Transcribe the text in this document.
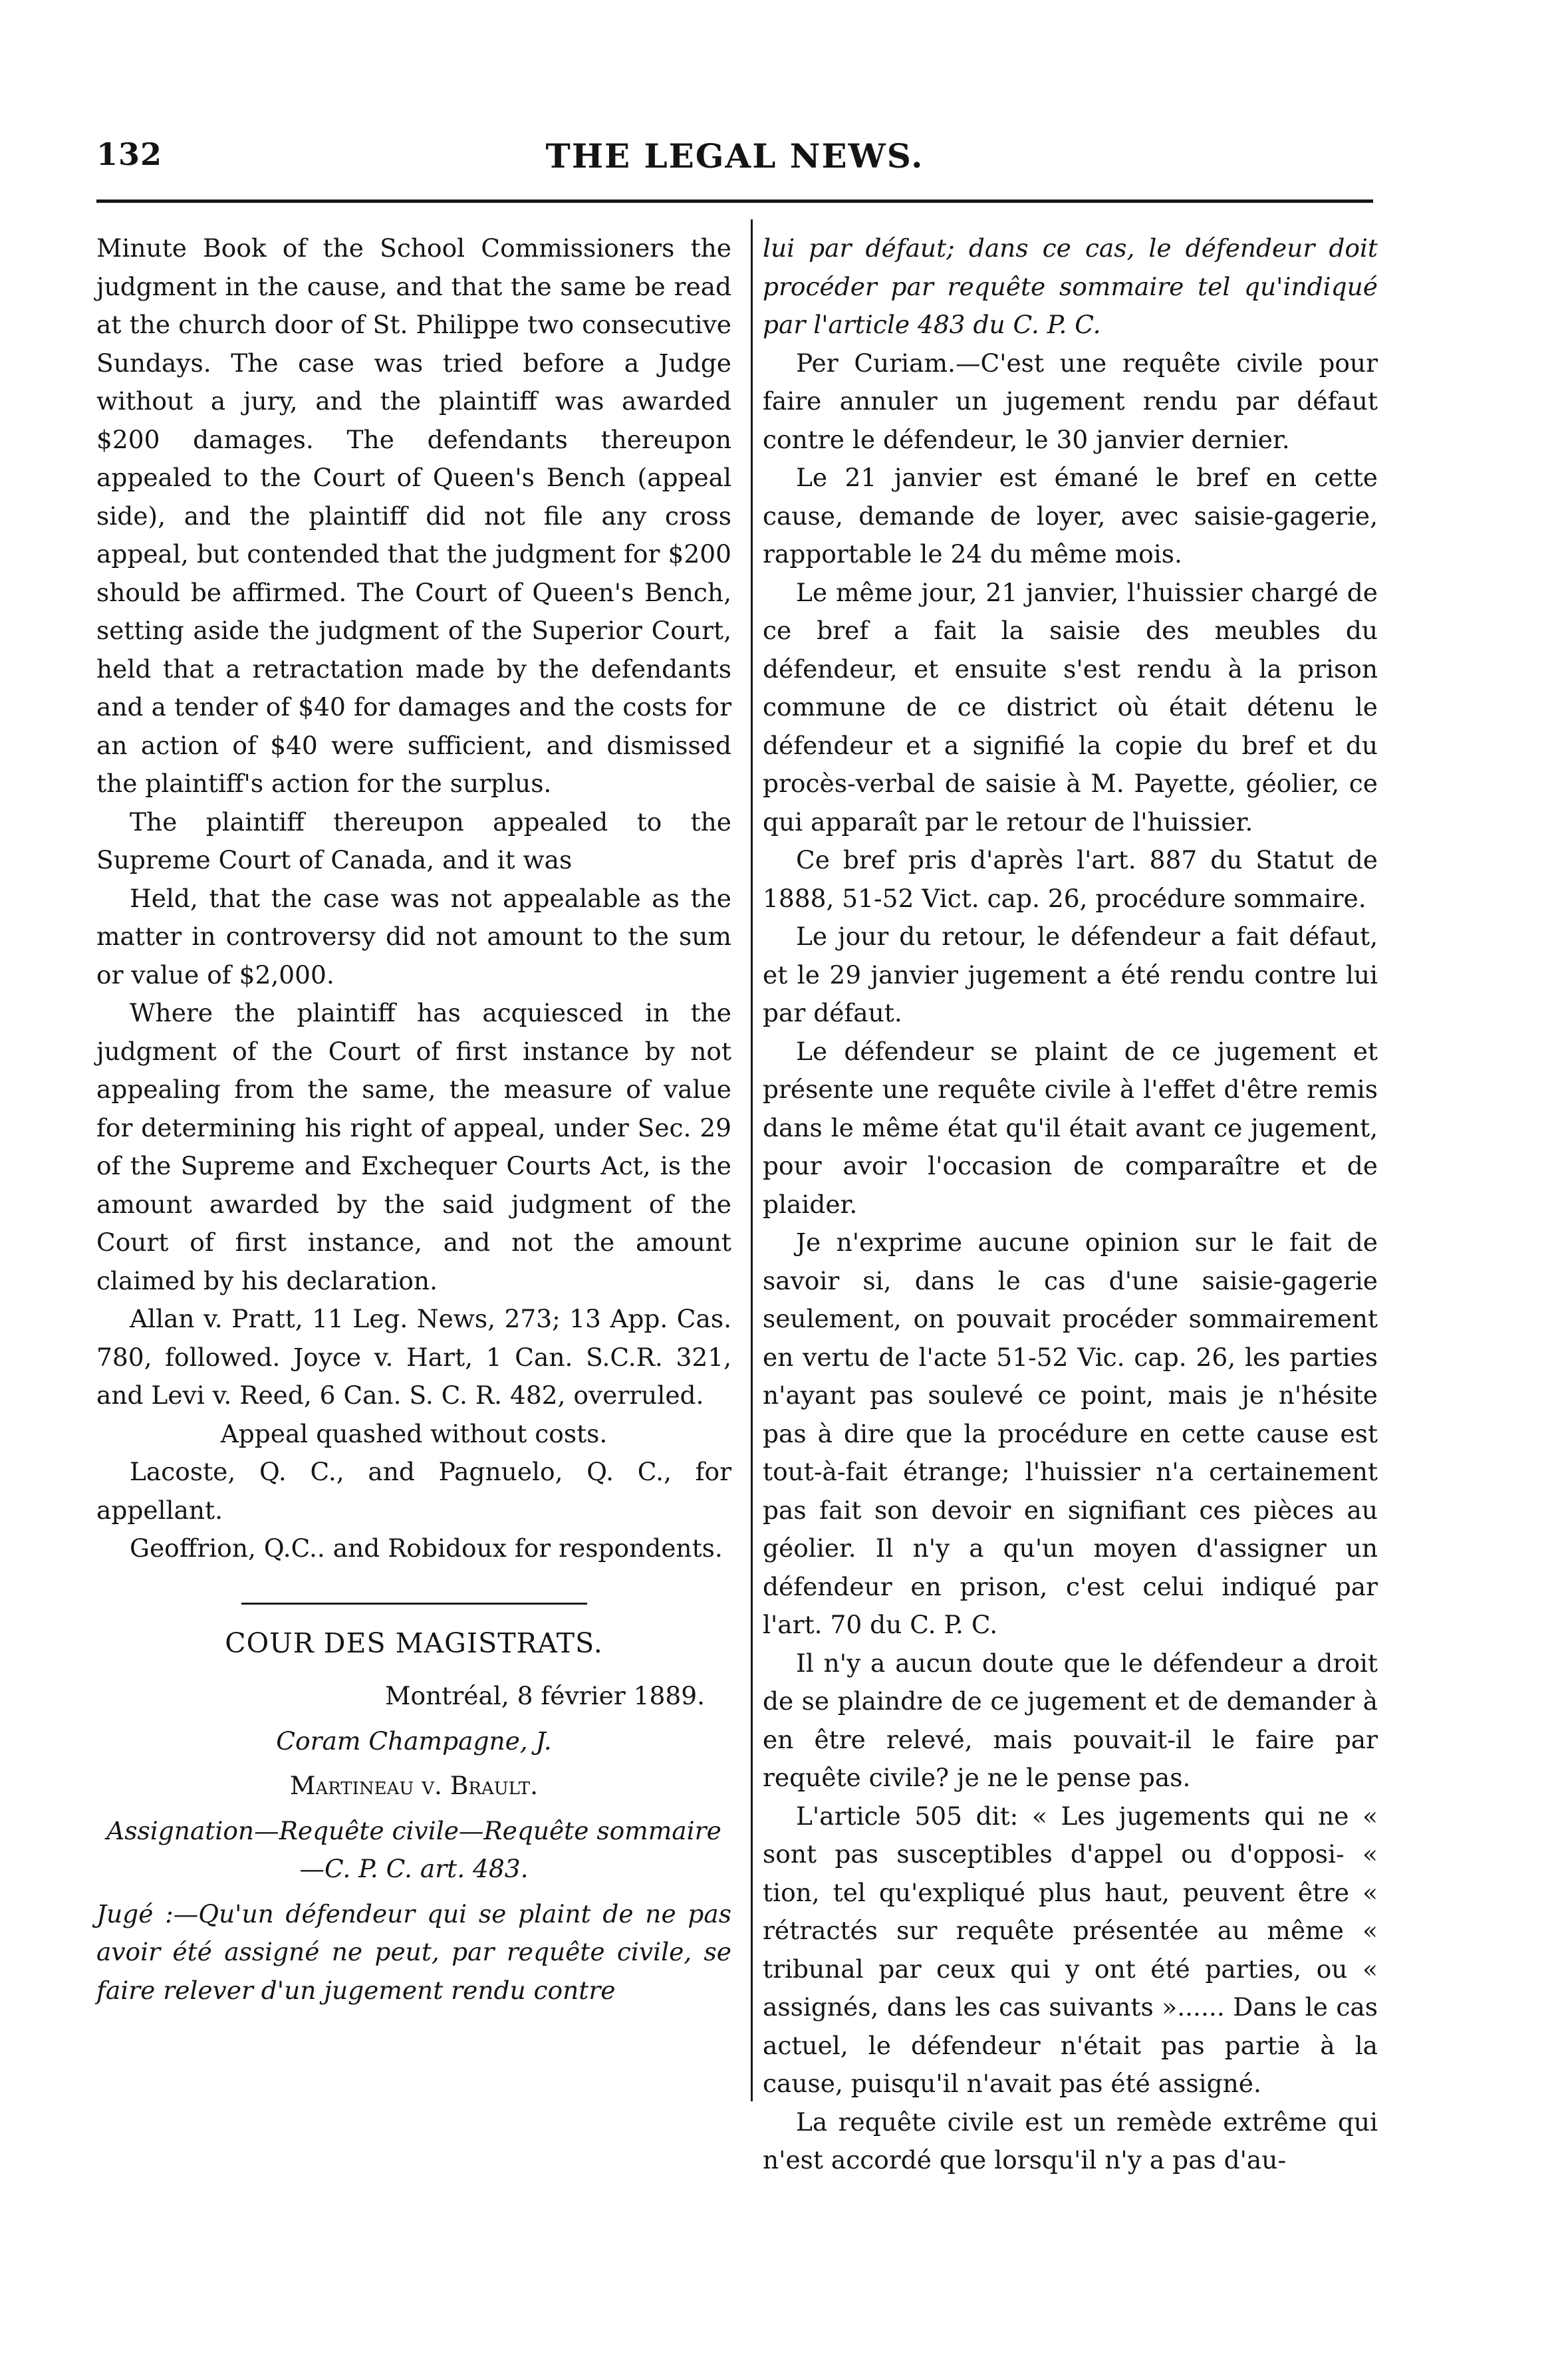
132	THE LEGAL NEWS.

Minute Book of the School Commissioners the judgment in the cause, and that the same be read at the church door of St. Philippe two consecutive Sundays. The case was tried before a Judge without a jury, and the plaintiff was awarded $200 damages. The defendants thereupon appealed to the Court of Queen's Bench (appeal side), and the plaintiff did not file any cross appeal, but contended that the judgment for $200 should be affirmed. The Court of Queen's Bench, setting aside the judgment of the Superior Court, held that a retractation made by the defendants and a tender of $40 for damages and the costs for an action of $40 were sufficient, and dismissed the plaintiff's action for the surplus.

The plaintiff thereupon appealed to the Supreme Court of Canada, and it was

Held, that the case was not appealable as the matter in controversy did not amount to the sum or value of $2,000.

Where the plaintiff has acquiesced in the judgment of the Court of first instance by not appealing from the same, the measure of value for determining his right of appeal, under Sec. 29 of the Supreme and Exchequer Courts Act, is the amount awarded by the said judgment of the Court of first instance, and not the amount claimed by his declaration.

Allan v. Pratt, 11 Leg. News, 273; 13 App. Cas. 780, followed. Joyce v. Hart, 1 Can. S.C.R. 321, and Levi v. Reed, 6 Can. S. C. R. 482, overruled.

Appeal quashed without costs.

Lacoste, Q. C., and Pagnuelo, Q. C., for appellant.

Geoffrion, Q.C.. and Robidoux for respondents.

COUR DES MAGISTRATS.

Montréal, 8 février 1889.

Coram Champagne, J.

Martineau v. Brault.

Assignation—Requête civile—Requête sommaire —C. P. C. art. 483.

Jugé :—Qu'un défendeur qui se plaint de ne pas avoir été assigné ne peut, par requête civile, se faire relever d'un jugement rendu contre

lui par défaut; dans ce cas, le défendeur doit procéder par requête sommaire tel qu'indiqué par l'article 483 du C. P. C.

Per Curiam.—C'est une requête civile pour faire annuler un jugement rendu par défaut contre le défendeur, le 30 janvier dernier.

Le 21 janvier est émané le bref en cette cause, demande de loyer, avec saisie-gagerie, rapportable le 24 du même mois.

Le même jour, 21 janvier, l'huissier chargé de ce bref a fait la saisie des meubles du défendeur, et ensuite s'est rendu à la prison commune de ce district où était détenu le défendeur et a signifié la copie du bref et du procès-verbal de saisie à M. Payette, géolier, ce qui apparaît par le retour de l'huissier.

Ce bref pris d'après l'art. 887 du Statut de 1888, 51-52 Vict. cap. 26, procédure sommaire.

Le jour du retour, le défendeur a fait défaut, et le 29 janvier jugement a été rendu contre lui par défaut.

Le défendeur se plaint de ce jugement et présente une requête civile à l'effet d'être remis dans le même état qu'il était avant ce jugement, pour avoir l'occasion de comparaître et de plaider.

Je n'exprime aucune opinion sur le fait de savoir si, dans le cas d'une saisie-gagerie seulement, on pouvait procéder sommairement en vertu de l'acte 51-52 Vic. cap. 26, les parties n'ayant pas soulevé ce point, mais je n'hésite pas à dire que la procédure en cette cause est tout-à-fait étrange; l'huissier n'a certainement pas fait son devoir en signifiant ces pièces au géolier. Il n'y a qu'un moyen d'assigner un défendeur en prison, c'est celui indiqué par l'art. 70 du C. P. C.

Il n'y a aucun doute que le défendeur a droit de se plaindre de ce jugement et de demander à en être relevé, mais pouvait-il le faire par requête civile? je ne le pense pas.

L'article 505 dit: « Les jugements qui ne « sont pas susceptibles d'appel ou d'opposi- « tion, tel qu'expliqué plus haut, peuvent être « rétractés sur requête présentée au même « tribunal par ceux qui y ont été parties, ou « assignés, dans les cas suivants »...... Dans le cas actuel, le défendeur n'était pas partie à la cause, puisqu'il n'avait pas été assigné.

La requête civile est un remède extrême qui n'est accordé que lorsqu'il n'y a pas d'au-
